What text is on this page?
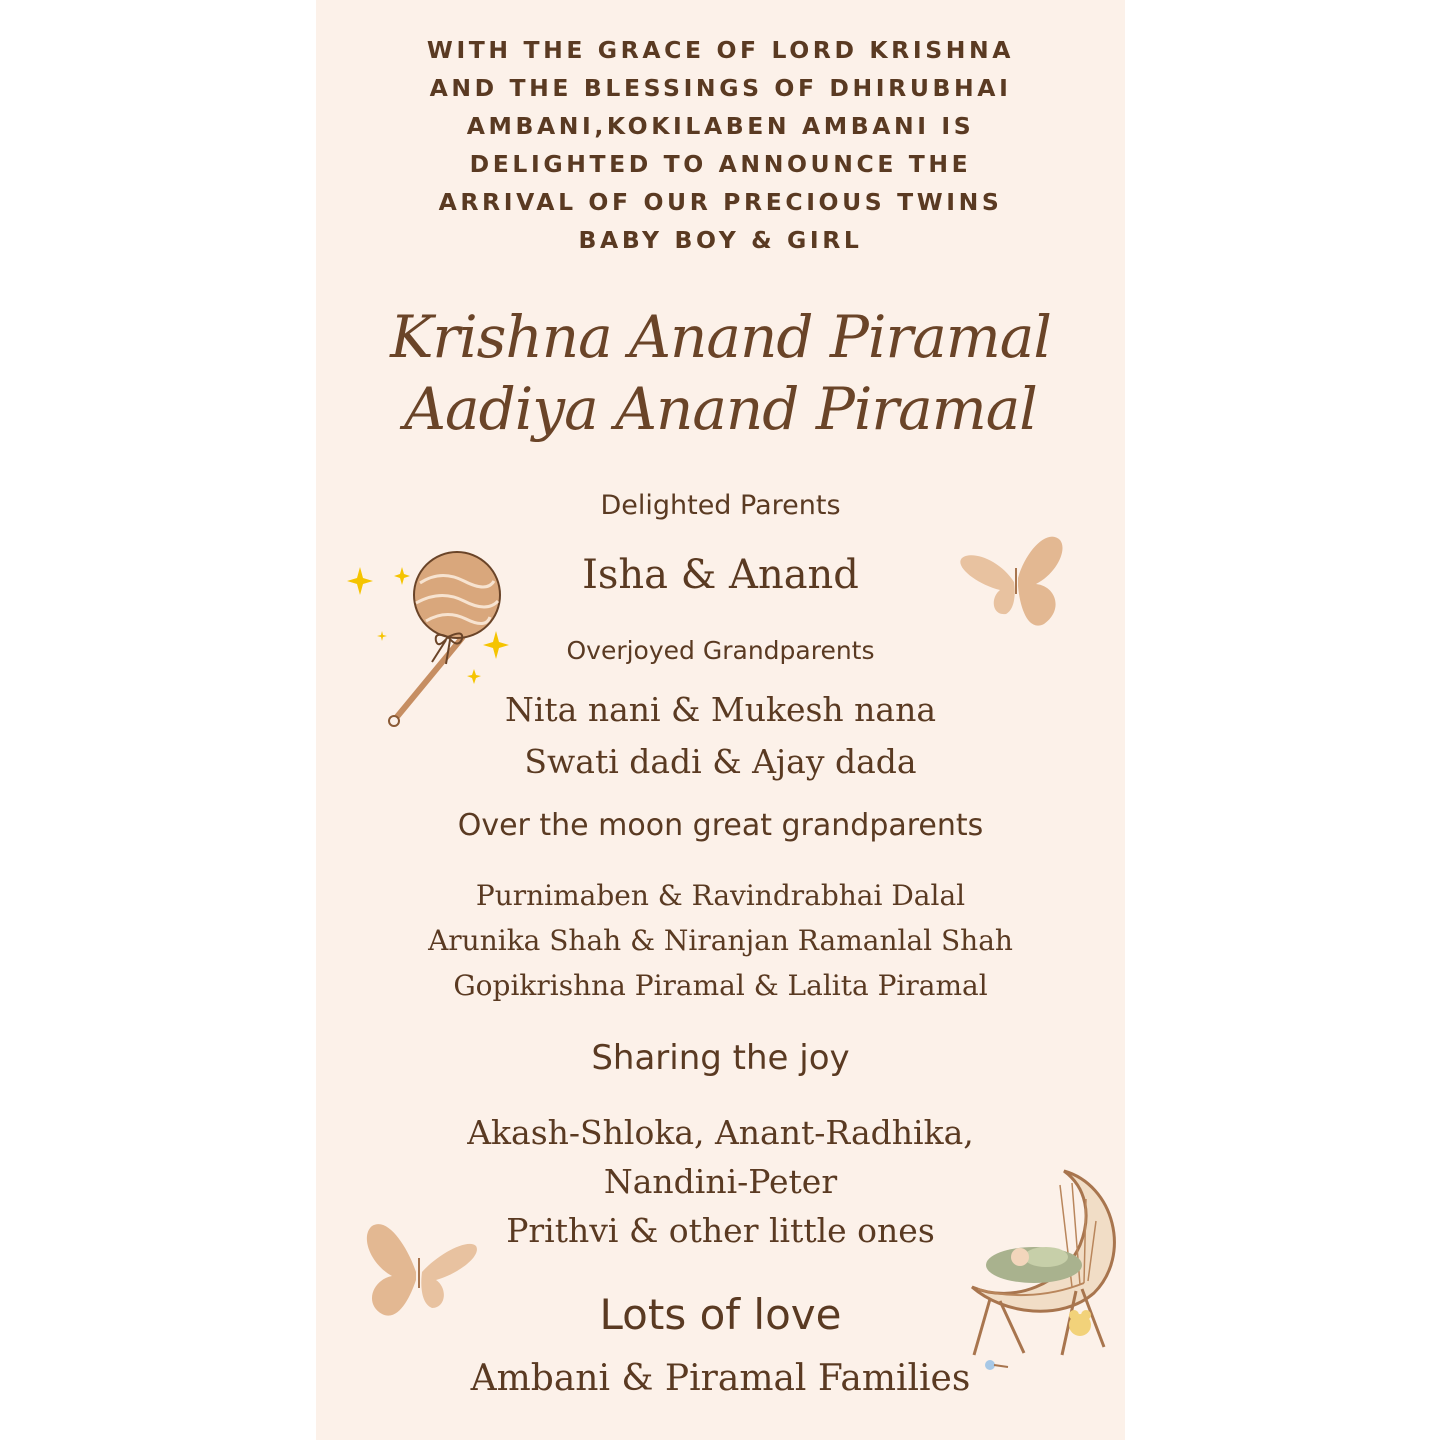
WITH THE GRACE OF LORD KRISHNA
AND THE BLESSINGS OF DHIRUBHAI
AMBANI,KOKILABEN AMBANI IS
DELIGHTED TO ANNOUNCE THE
ARRIVAL OF OUR PRECIOUS TWINS
BABY BOY & GIRL
Krishna Anand Piramal
Aadiya Anand Piramal
Delighted Parents
Isha & Anand
Overjoyed Grandparents
Nita nani & Mukesh nana
Swati dadi & Ajay dada
Over the moon great grandparents
Purnimaben & Ravindrabhai Dalal
Arunika Shah & Niranjan Ramanlal Shah
Gopikrishna Piramal & Lalita Piramal
Sharing the joy
Akash-Shloka, Anant-Radhika,
Nandini-Peter
Prithvi & other little ones
Lots of love
Ambani & Piramal Families
